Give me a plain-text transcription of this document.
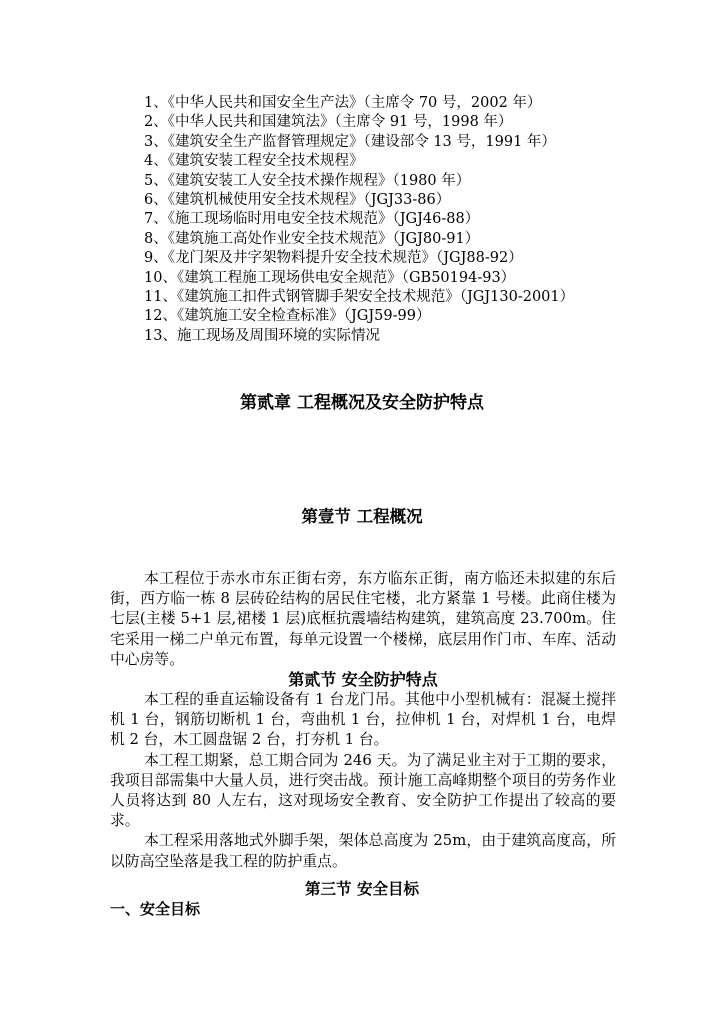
1、《中华人民共和国安全生产法》（主席令 70 号，2002 年）
2、《中华人民共和国建筑法》（主席令 91 号，1998 年）
3、《建筑安全生产监督管理规定》（建设部令 13 号，1991 年）
4、《建筑安装工程安全技术规程》
5、《建筑安装工人安全技术操作规程》（1980 年）
6、《建筑机械使用安全技术规程》（JGJ33-86）
7、《施工现场临时用电安全技术规范》（JGJ46-88）
8、《建筑施工高处作业安全技术规范》（JGJ80-91）
9、《龙门架及井字架物料提升安全技术规范》（JGJ88-92）
10、《建筑工程施工现场供电安全规范》（GB50194-93）
11、《建筑施工扣件式钢管脚手架安全技术规范》（JGJ130-2001）
12、《建筑施工安全检查标准》（JGJ59-99）
13、施工现场及周围环境的实际情况
第贰章 工程概况及安全防护特点
第壹节 工程概况

本工程位于赤水市东正街右旁，东方临东正街，南方临还未拟建的东后街，西方临一栋 8 层砖砼结构的居民住宅楼，北方紧靠 1 号楼。此商住楼为七层(主楼 5+1 层,裙楼 1 层)底框抗震墙结构建筑，建筑高度 23.700m。住宅采用一梯二户单元布置，每单元设置一个楼梯，底层用作门市、车库、活动中心房等。

第贰节 安全防护特点

本工程的垂直运输设备有 1 台龙门吊。其他中小型机械有：混凝土搅拌机 1 台，钢筋切断机 1 台，弯曲机 1 台，拉伸机 1 台，对焊机 1 台，电焊机 2 台，木工圆盘锯 2 台，打夯机 1 台。

本工程工期紧，总工期合同为 246 天。为了满足业主对于工期的要求，我项目部需集中大量人员，进行突击战。预计施工高峰期整个项目的劳务作业人员将达到 80 人左右，这对现场安全教育、安全防护工作提出了较高的要求。

本工程采用落地式外脚手架，架体总高度为 25m，由于建筑高度高，所以防高空坠落是我工程的防护重点。

第三节 安全目标
一、安全目标
